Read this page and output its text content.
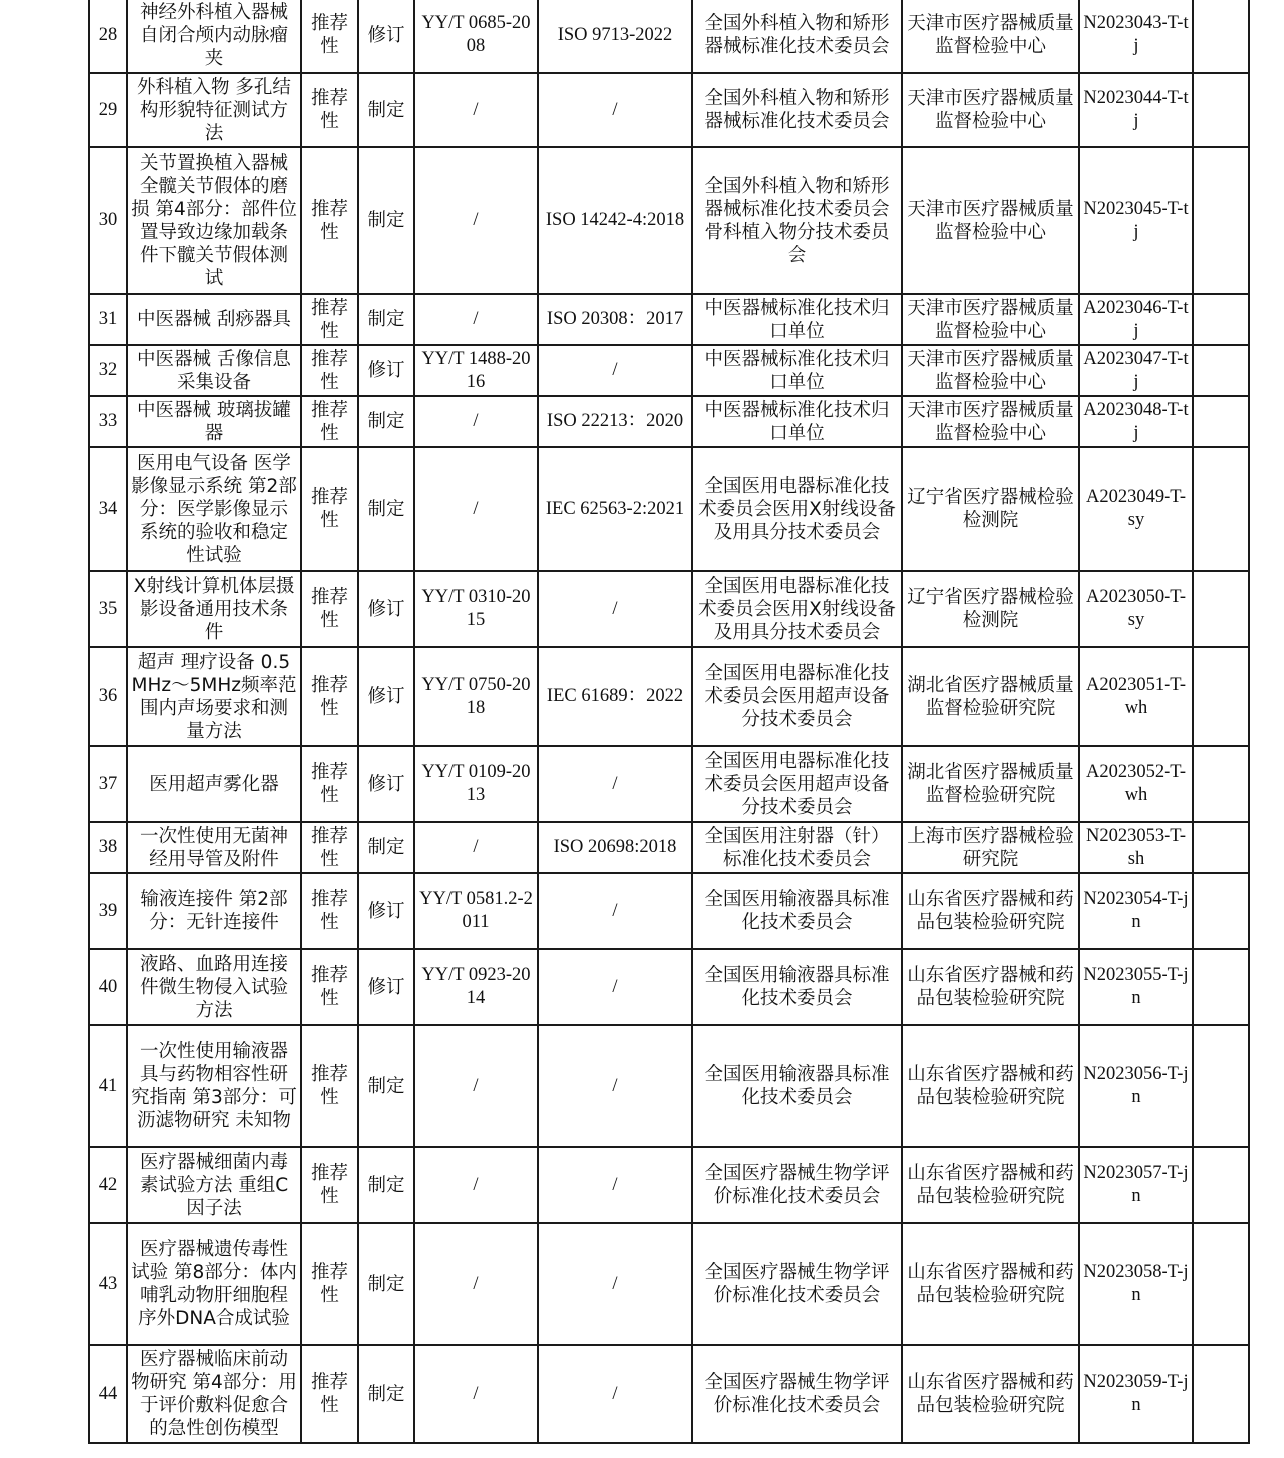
28	神经外科植入器械 自闭合颅内动脉瘤夹	推荐性	修订	YY/T 0685-2008	ISO 9713-2022	全国外科植入物和矫形器械标准化技术委员会	天津市医疗器械质量监督检验中心	N2023043-T-tj	
29	外科植入物 多孔结构形貌特征测试方法	推荐性	制定	/	/	全国外科植入物和矫形器械标准化技术委员会	天津市医疗器械质量监督检验中心	N2023044-T-tj	
30	关节置换植入器械 全髋关节假体的磨损 第4部分：部件位置导致边缘加载条件下髋关节假体测试	推荐性	制定	/	ISO 14242-4:2018	全国外科植入物和矫形器械标准化技术委员会骨科植入物分技术委员会	天津市医疗器械质量监督检验中心	N2023045-T-tj	
31	中医器械 刮痧器具	推荐性	制定	/	ISO 20308：2017	中医器械标准化技术归口单位	天津市医疗器械质量监督检验中心	A2023046-T-tj	
32	中医器械 舌像信息采集设备	推荐性	修订	YY/T 1488-2016	/	中医器械标准化技术归口单位	天津市医疗器械质量监督检验中心	A2023047-T-tj	
33	中医器械 玻璃拔罐器	推荐性	制定	/	ISO 22213：2020	中医器械标准化技术归口单位	天津市医疗器械质量监督检验中心	A2023048-T-tj	
34	医用电气设备 医学影像显示系统 第2部分：医学影像显示系统的验收和稳定性试验	推荐性	制定	/	IEC 62563-2:2021	全国医用电器标准化技术委员会医用X射线设备及用具分技术委员会	辽宁省医疗器械检验检测院	A2023049-T-sy	
35	X射线计算机体层摄影设备通用技术条件	推荐性	修订	YY/T 0310-2015	/	全国医用电器标准化技术委员会医用X射线设备及用具分技术委员会	辽宁省医疗器械检验检测院	A2023050-T-sy	
36	超声 理疗设备 0.5MHz～5MHz频率范围内声场要求和测量方法	推荐性	修订	YY/T 0750-2018	IEC 61689：2022	全国医用电器标准化技术委员会医用超声设备分技术委员会	湖北省医疗器械质量监督检验研究院	A2023051-T-wh	
37	医用超声雾化器	推荐性	修订	YY/T 0109-2013	/	全国医用电器标准化技术委员会医用超声设备分技术委员会	湖北省医疗器械质量监督检验研究院	A2023052-T-wh	
38	一次性使用无菌神经用导管及附件	推荐性	制定	/	ISO 20698:2018	全国医用注射器（针）标准化技术委员会	上海市医疗器械检验研究院	N2023053-T-sh	
39	输液连接件 第2部分：无针连接件	推荐性	修订	YY/T 0581.2-2011	/	全国医用输液器具标准化技术委员会	山东省医疗器械和药品包装检验研究院	N2023054-T-jn	
40	液路、血路用连接件微生物侵入试验方法	推荐性	修订	YY/T 0923-2014	/	全国医用输液器具标准化技术委员会	山东省医疗器械和药品包装检验研究院	N2023055-T-jn	
41	一次性使用输液器具与药物相容性研究指南 第3部分：可沥滤物研究 未知物	推荐性	制定	/	/	全国医用输液器具标准化技术委员会	山东省医疗器械和药品包装检验研究院	N2023056-T-jn	
42	医疗器械细菌内毒素试验方法 重组C因子法	推荐性	制定	/	/	全国医疗器械生物学评价标准化技术委员会	山东省医疗器械和药品包装检验研究院	N2023057-T-jn	
43	医疗器械遗传毒性试验 第8部分：体内哺乳动物肝细胞程序外DNA合成试验	推荐性	制定	/	/	全国医疗器械生物学评价标准化技术委员会	山东省医疗器械和药品包装检验研究院	N2023058-T-jn	
44	医疗器械临床前动物研究 第4部分：用于评价敷料促愈合的急性创伤模型	推荐性	制定	/	/	全国医疗器械生物学评价标准化技术委员会	山东省医疗器械和药品包装检验研究院	N2023059-T-jn	
